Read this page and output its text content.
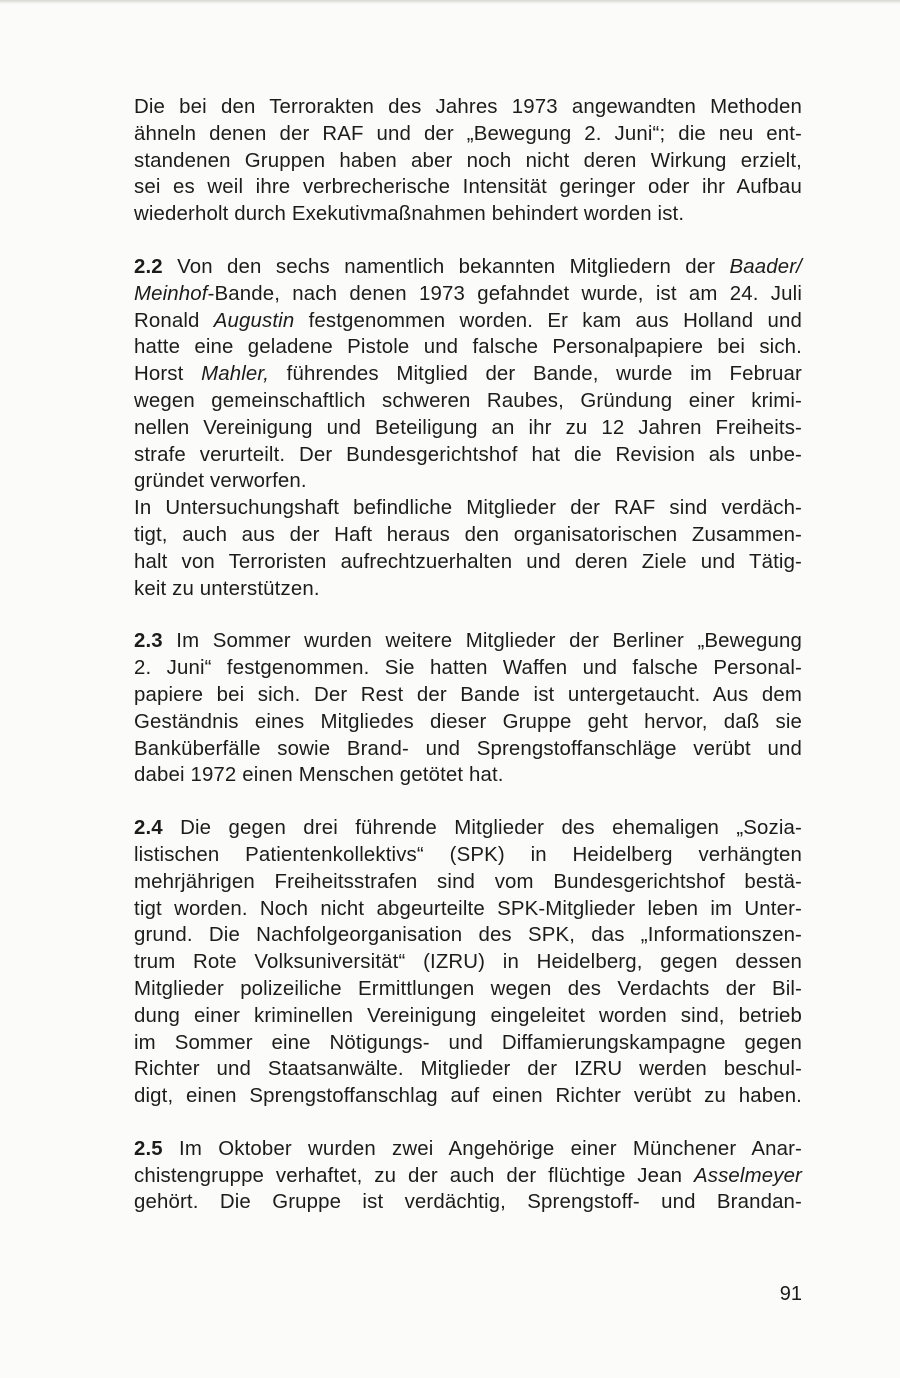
Die bei den Terrorakten des Jahres 1973 angewandten Methoden
ähneln denen der RAF und der „Bewegung 2. Juni“; die neu ent-
standenen Gruppen haben aber noch nicht deren Wirkung erzielt,
sei es weil ihre verbrecherische Intensität geringer oder ihr Aufbau
wiederholt durch Exekutivmaßnahmen behindert worden ist.

2.2 Von den sechs namentlich bekannten Mitgliedern der Baader/
Meinhof-Bande, nach denen 1973 gefahndet wurde, ist am 24. Juli
Ronald Augustin festgenommen worden. Er kam aus Holland und
hatte eine geladene Pistole und falsche Personalpapiere bei sich.
Horst Mahler, führendes Mitglied der Bande, wurde im Februar
wegen gemeinschaftlich schweren Raubes, Gründung einer krimi-
nellen Vereinigung und Beteiligung an ihr zu 12 Jahren Freiheits-
strafe verurteilt. Der Bundesgerichtshof hat die Revision als unbe-
gründet verworfen.
In Untersuchungshaft befindliche Mitglieder der RAF sind verdäch-
tigt, auch aus der Haft heraus den organisatorischen Zusammen-
halt von Terroristen aufrechtzuerhalten und deren Ziele und Tätig-
keit zu unterstützen.

2.3 Im Sommer wurden weitere Mitglieder der Berliner „Bewegung
2. Juni“ festgenommen. Sie hatten Waffen und falsche Personal-
papiere bei sich. Der Rest der Bande ist untergetaucht. Aus dem
Geständnis eines Mitgliedes dieser Gruppe geht hervor, daß sie
Banküberfälle sowie Brand- und Sprengstoffanschläge verübt und
dabei 1972 einen Menschen getötet hat.

2.4 Die gegen drei führende Mitglieder des ehemaligen „Sozia-
listischen Patientenkollektivs“ (SPK) in Heidelberg verhängten
mehrjährigen Freiheitsstrafen sind vom Bundesgerichtshof bestä-
tigt worden. Noch nicht abgeurteilte SPK-Mitglieder leben im Unter-
grund. Die Nachfolgeorganisation des SPK, das „Informationszen-
trum Rote Volksuniversität“ (IZRU) in Heidelberg, gegen dessen
Mitglieder polizeiliche Ermittlungen wegen des Verdachts der Bil-
dung einer kriminellen Vereinigung eingeleitet worden sind, betrieb
im Sommer eine Nötigungs- und Diffamierungskampagne gegen
Richter und Staatsanwälte. Mitglieder der IZRU werden beschul-
digt, einen Sprengstoffanschlag auf einen Richter verübt zu haben.

2.5 Im Oktober wurden zwei Angehörige einer Münchener Anar-
chistengruppe verhaftet, zu der auch der flüchtige Jean Asselmeyer
gehört. Die Gruppe ist verdächtig, Sprengstoff- und Brandan-

91
